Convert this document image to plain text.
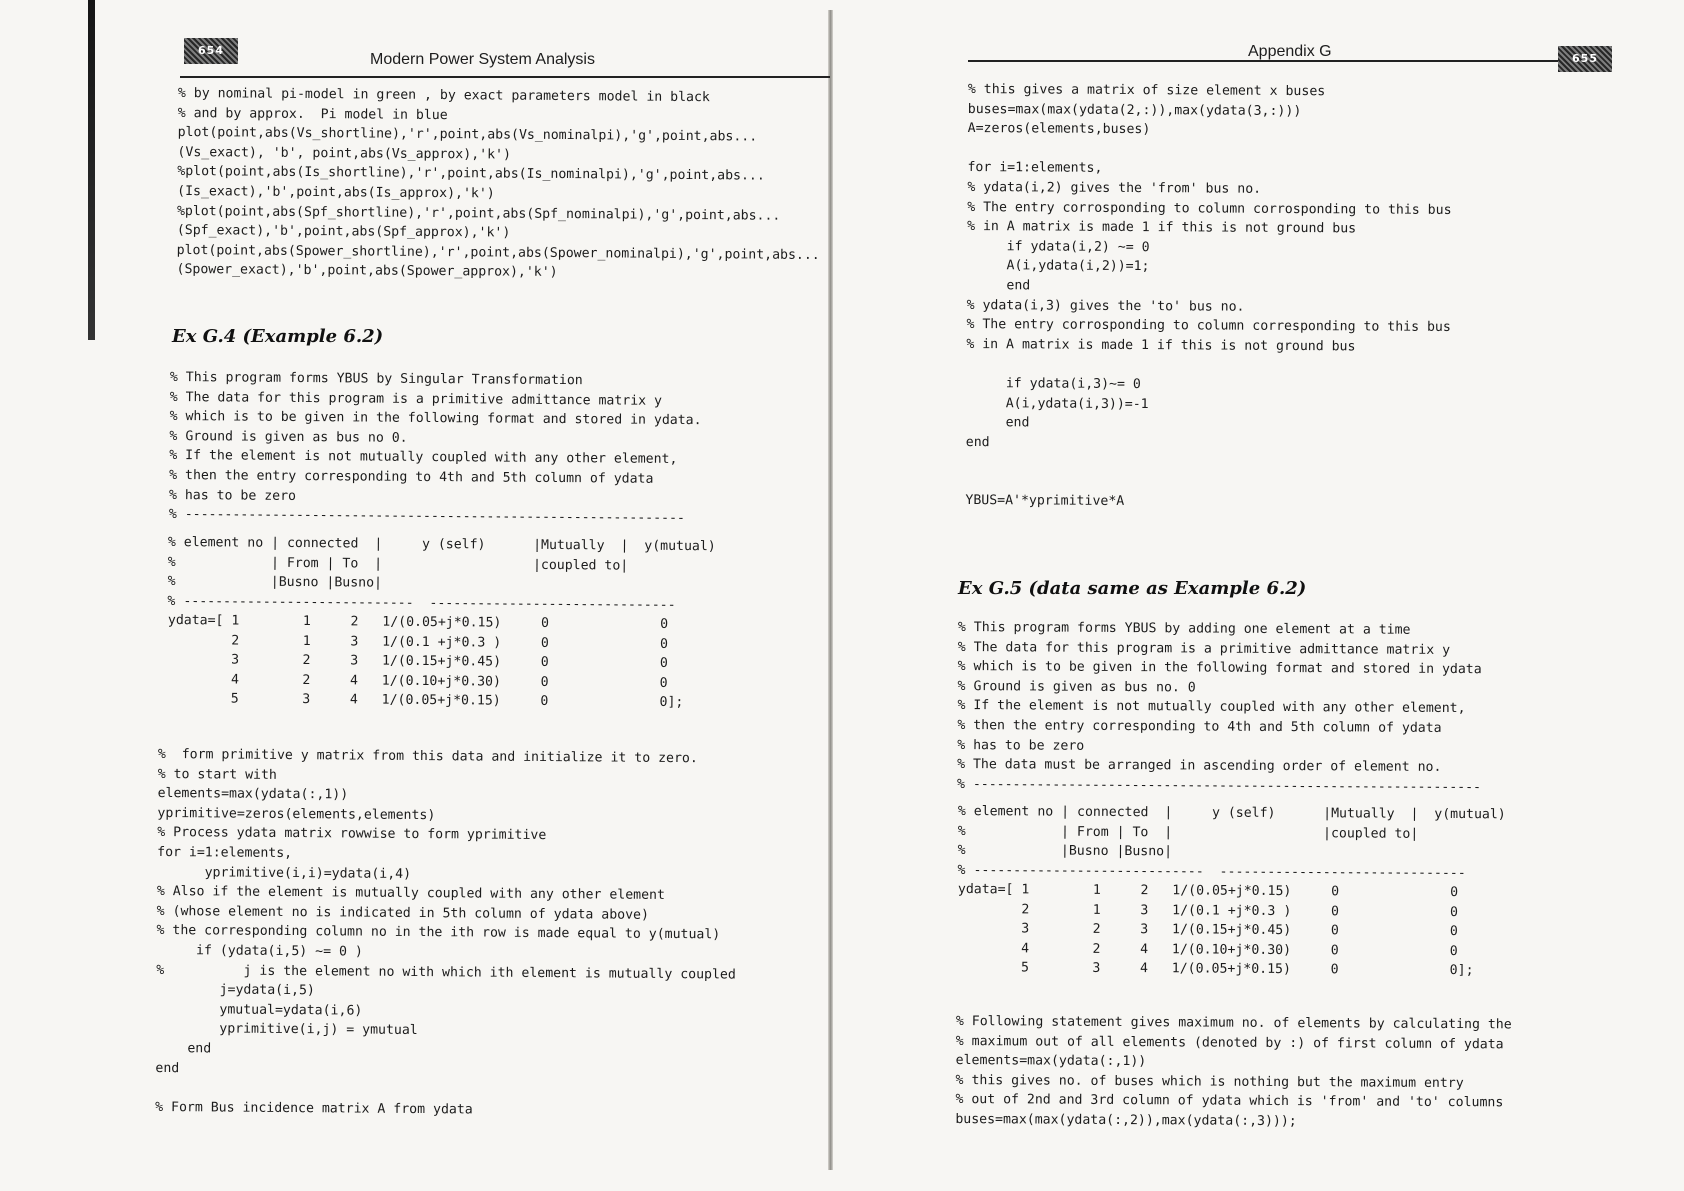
654
Modern Power System Analysis
% by nominal pi-model in green , by exact parameters model in black
% and by approx.  Pi model in blue
plot(point,abs(Vs_shortline),'r',point,abs(Vs_nominalpi),'g',point,abs...
(Vs_exact), 'b', point,abs(Vs_approx),'k')
%plot(point,abs(Is_shortline),'r',point,abs(Is_nominalpi),'g',point,abs...
(Is_exact),'b',point,abs(Is_approx),'k')
%plot(point,abs(Spf_shortline),'r',point,abs(Spf_nominalpi),'g',point,abs...
(Spf_exact),'b',point,abs(Spf_approx),'k')
plot(point,abs(Spower_shortline),'r',point,abs(Spower_nominalpi),'g',point,abs...
(Spower_exact),'b',point,abs(Spower_approx),'k')
Ex G.4 (Example 6.2)
% This program forms YBUS by Singular Transformation
% The data for this program is a primitive admittance matrix y
% which is to be given in the following format and stored in ydata.
% Ground is given as bus no 0.
% If the element is not mutually coupled with any other element,
% then the entry corresponding to 4th and 5th column of ydata
% has to be zero
% ---------------------------------------------------------------
% element no | connected  |     y (self)      |Mutually  |  y(mutual)
%            | From | To  |                   |coupled to|
%            |Busno |Busno|
% -----------------------------  -------------------------------
ydata=[ 1        1     2   1/(0.05+j*0.15)     0              0
2        1     3   1/(0.1 +j*0.3 )     0              0
3        2     3   1/(0.15+j*0.45)     0              0
4        2     4   1/(0.10+j*0.30)     0              0
5        3     4   1/(0.05+j*0.15)     0              0];
%  form primitive y matrix from this data and initialize it to zero.
% to start with
elements=max(ydata(:,1))
yprimitive=zeros(elements,elements)
% Process ydata matrix rowwise to form yprimitive
for i=1:elements,
yprimitive(i,i)=ydata(i,4)
% Also if the element is mutually coupled with any other element
% (whose element no is indicated in 5th column of ydata above)
% the corresponding column no in the ith row is made equal to y(mutual)
if (ydata(i,5) ~= 0 )
%          j is the element no with which ith element is mutually coupled
j=ydata(i,5)
ymutual=ydata(i,6)
yprimitive(i,j) = ymutual
end
end

% Form Bus incidence matrix A from ydata
Appendix G	655
% this gives a matrix of size element x buses
buses=max(max(ydata(2,:)),max(ydata(3,:)))
A=zeros(elements,buses)

for i=1:elements,
% ydata(i,2) gives the 'from' bus no.
% The entry corrosponding to column corrosponding to this bus
% in A matrix is made 1 if this is not ground bus
if ydata(i,2) ~= 0
A(i,ydata(i,2))=1;
end
% ydata(i,3) gives the 'to' bus no.
% The entry corrosponding to column corresponding to this bus
% in A matrix is made 1 if this is not ground bus

if ydata(i,3)~= 0
A(i,ydata(i,3))=-1
end
end

YBUS=A'*yprimitive*A
Ex G.5 (data same as Example 6.2)
% This program forms YBUS by adding one element at a time
% The data for this program is a primitive admittance matrix y
% which is to be given in the following format and stored in ydata
% Ground is given as bus no. 0
% If the element is not mutually coupled with any other element,
% then the entry corresponding to 4th and 5th column of ydata
% has to be zero
% The data must be arranged in ascending order of element no.
% ----------------------------------------------------------------
% element no | connected  |     y (self)      |Mutually  |  y(mutual)
%            | From | To  |                   |coupled to|
%            |Busno |Busno|
% -----------------------------  -------------------------------
ydata=[ 1        1     2   1/(0.05+j*0.15)     0              0
2        1     3   1/(0.1 +j*0.3 )     0              0
3        2     3   1/(0.15+j*0.45)     0              0
4        2     4   1/(0.10+j*0.30)     0              0
5        3     4   1/(0.05+j*0.15)     0              0];
% Following statement gives maximum no. of elements by calculating the
% maximum out of all elements (denoted by :) of first column of ydata
elements=max(ydata(:,1))
% this gives no. of buses which is nothing but the maximum entry
% out of 2nd and 3rd column of ydata which is 'from' and 'to' columns
buses=max(max(ydata(:,2)),max(ydata(:,3)));
